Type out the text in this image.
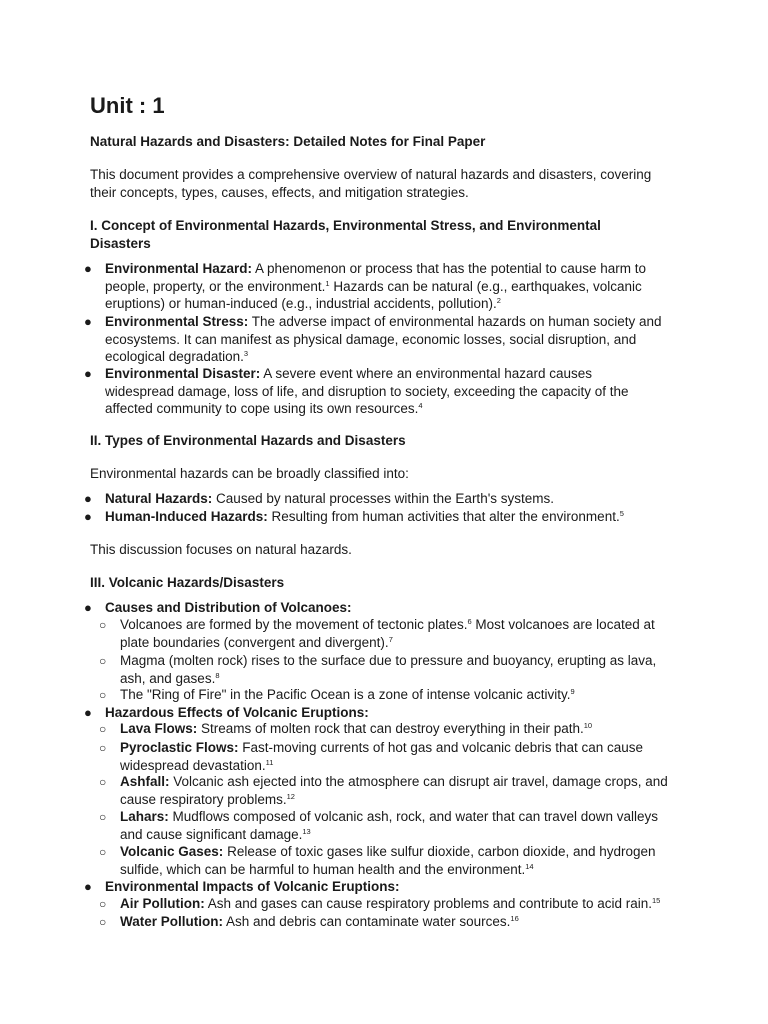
Unit : 1

Natural Hazards and Disasters: Detailed Notes for Final Paper

This document provides a comprehensive overview of natural hazards and disasters, covering
their concepts, types, causes, effects, and mitigation strategies.

I. Concept of Environmental Hazards, Environmental Stress, and Environmental
Disasters

● Environmental Hazard: A phenomenon or process that has the potential to cause harm to
people, property, or the environment.$^1$ Hazards can be natural (e.g., earthquakes, volcanic
eruptions) or human-induced (e.g., industrial accidents, pollution).$^2$

● Environmental Stress: The adverse impact of environmental hazards on human society and
ecosystems. It can manifest as physical damage, economic losses, social disruption, and
ecological degradation.$^3$

● Environmental Disaster: A severe event where an environmental hazard causes
widespread damage, loss of life, and disruption to society, exceeding the capacity of the
affected community to cope using its own resources.$^4$

II. Types of Environmental Hazards and Disasters

Environmental hazards can be broadly classified into:

● Natural Hazards: Caused by natural processes within the Earth's systems.

● Human-Induced Hazards: Resulting from human activities that alter the environment.$^5$

This discussion focuses on natural hazards.

III. Volcanic Hazards/Disasters

● Causes and Distribution of Volcanoes:

○ Volcanoes are formed by the movement of tectonic plates.$^6$ Most volcanoes are located at
plate boundaries (convergent and divergent).$^7$

○ Magma (molten rock) rises to the surface due to pressure and buoyancy, erupting as lava,
ash, and gases.$^8$

○ The "Ring of Fire" in the Pacific Ocean is a zone of intense volcanic activity.$^9$

● Hazardous Effects of Volcanic Eruptions:

○ Lava Flows: Streams of molten rock that can destroy everything in their path.$^{10}$

○ Pyroclastic Flows: Fast-moving currents of hot gas and volcanic debris that can cause
widespread devastation.$^{11}$

○ Ashfall: Volcanic ash ejected into the atmosphere can disrupt air travel, damage crops, and
cause respiratory problems.$^{12}$

○ Lahars: Mudflows composed of volcanic ash, rock, and water that can travel down valleys
and cause significant damage.$^{13}$

○ Volcanic Gases: Release of toxic gases like sulfur dioxide, carbon dioxide, and hydrogen
sulfide, which can be harmful to human health and the environment.$^{14}$

● Environmental Impacts of Volcanic Eruptions:

○ Air Pollution: Ash and gases can cause respiratory problems and contribute to acid rain.$^{15}$

○ Water Pollution: Ash and debris can contaminate water sources.$^{16}$
